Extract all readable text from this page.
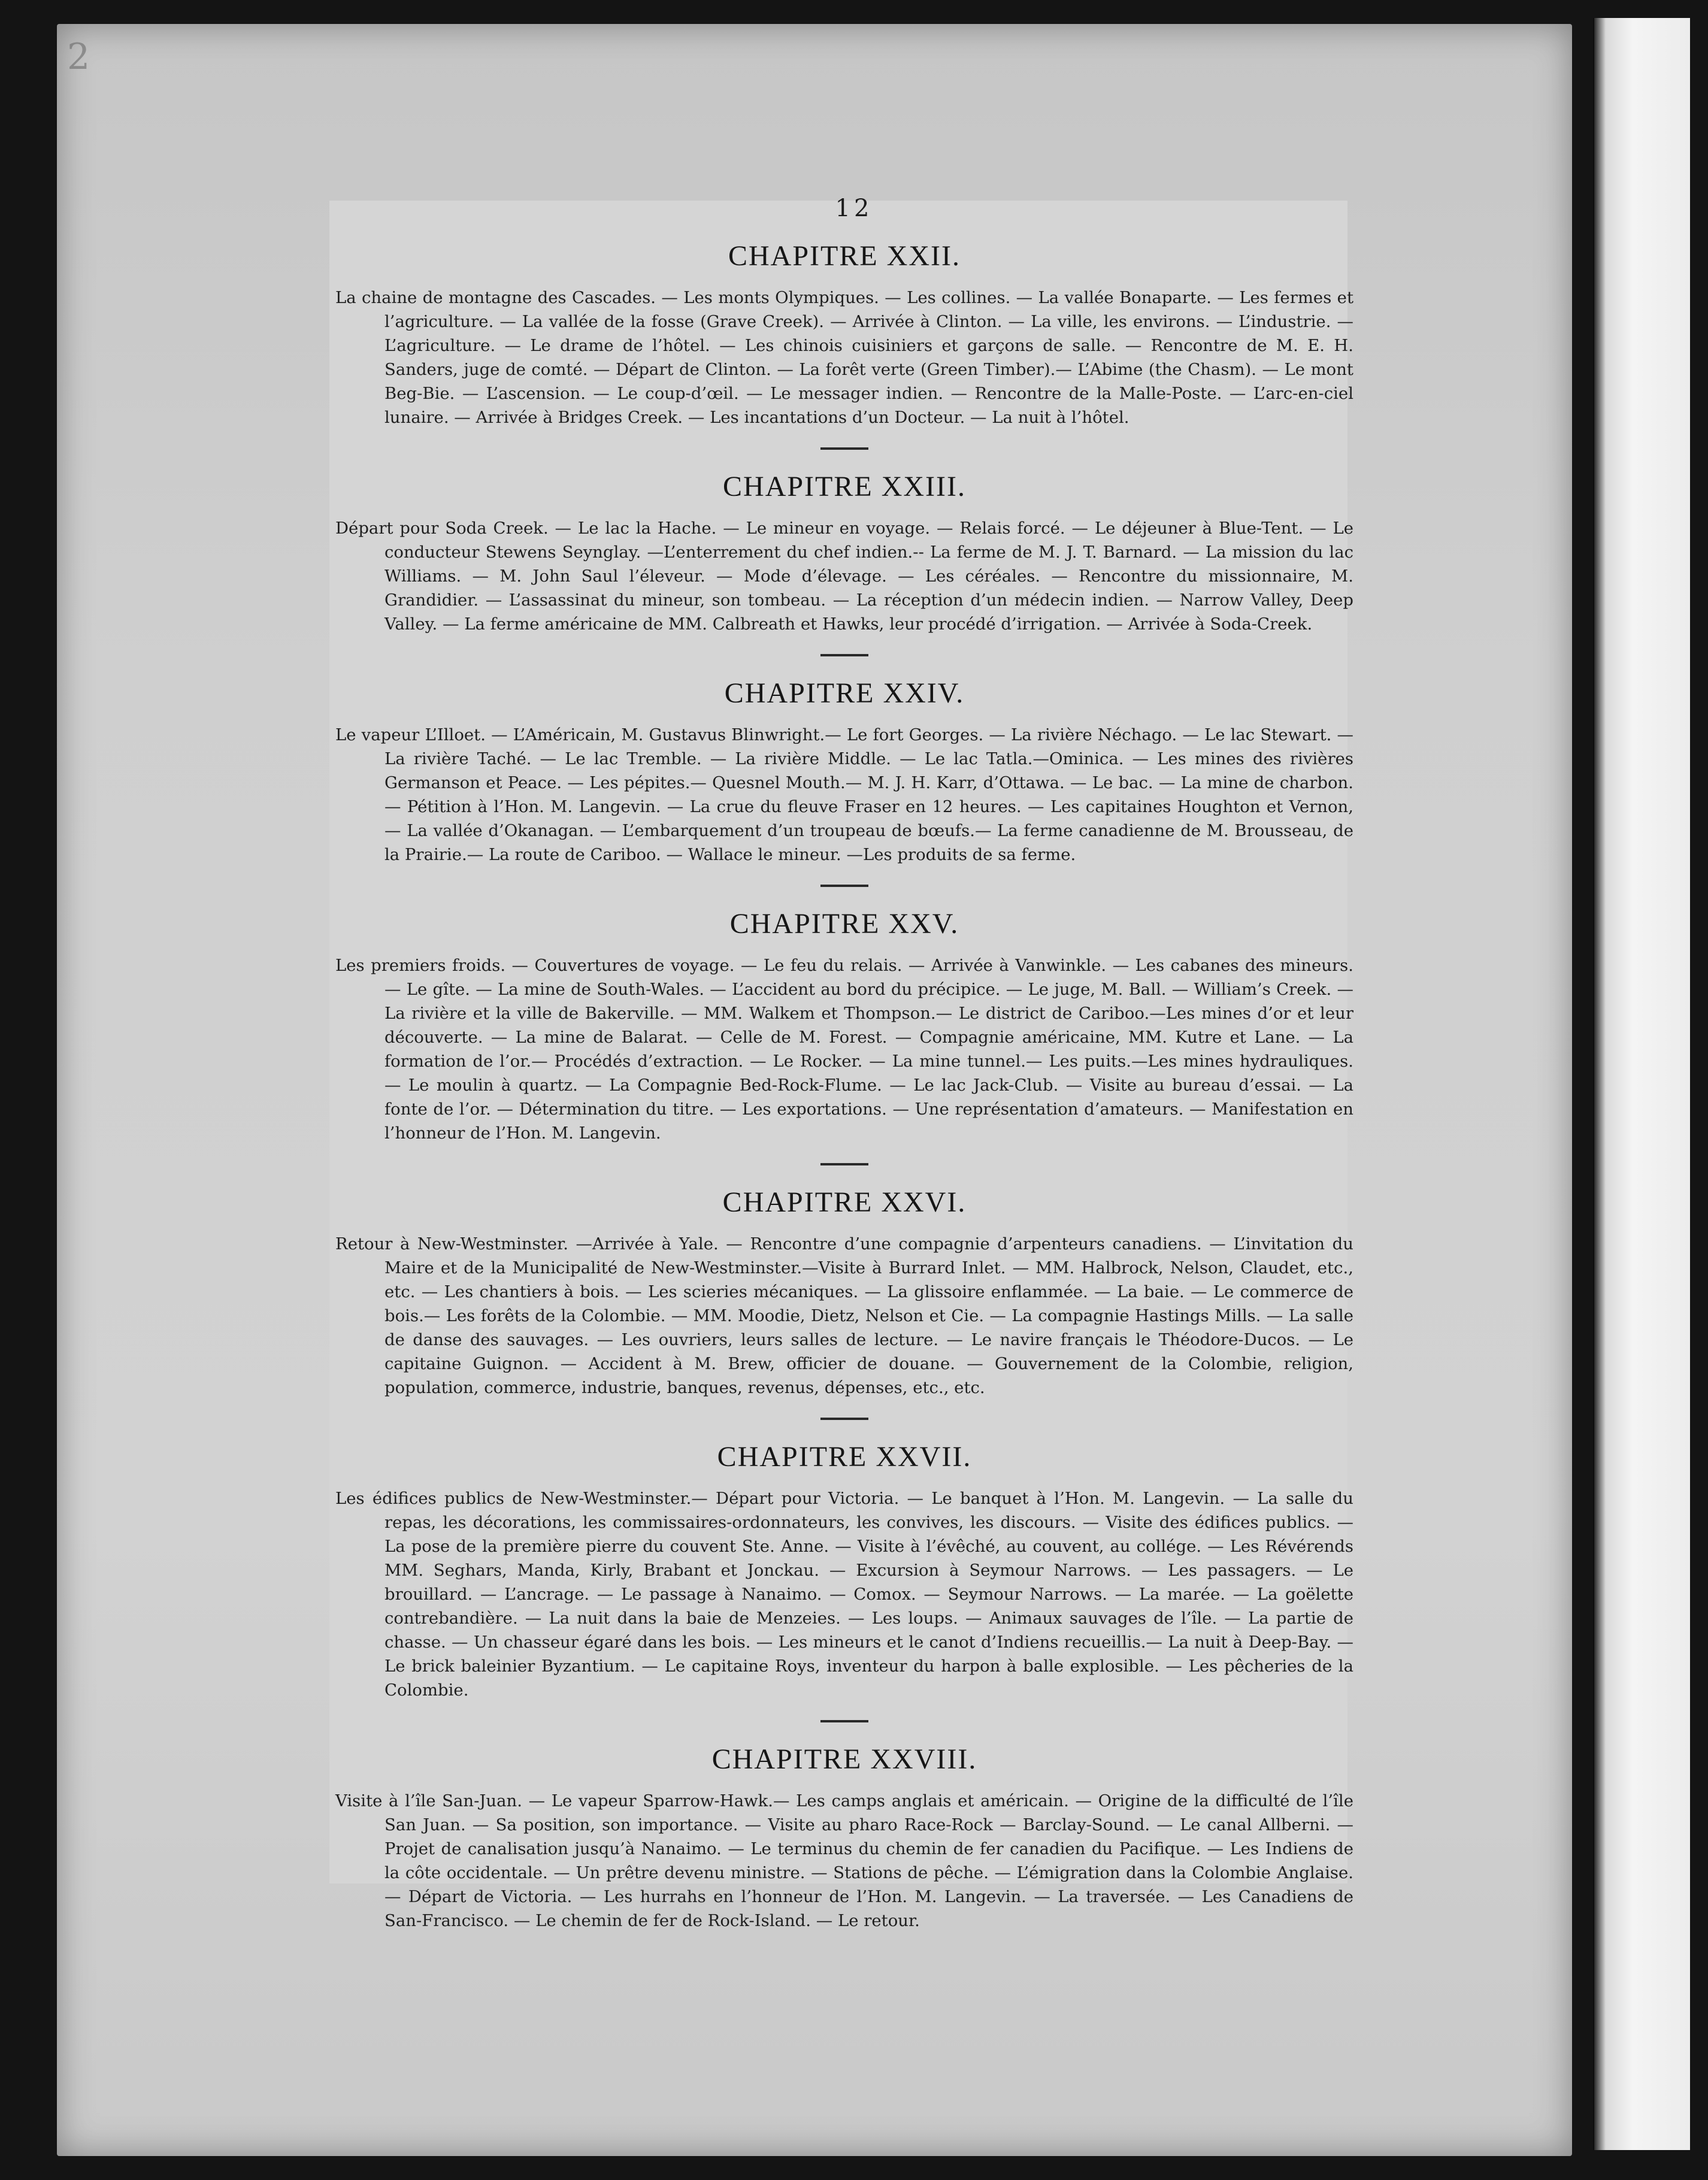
2
12
CHAPITRE XXII.

La chaine de montagne des Cascades. — Les monts Olympiques. — Les collines. — La vallée Bonaparte. — Les fermes et l’agriculture. — La vallée de la fosse (Grave Creek). — Arrivée à Clinton. — La ville, les environs. — L’industrie. — L’agriculture. — Le drame de l’hôtel. — Les chinois cuisiniers et garçons de salle. — Rencontre de M. E. H. Sanders, juge de comté. — Départ de Clinton. — La forêt verte (Green Timber).— L’Abime (the Chasm). — Le mont Beg-Bie. — L’ascension. — Le coup-d’œil. — Le messager indien. — Rencontre de la Malle-Poste. — L’arc-en-ciel lunaire. — Arrivée à Bridges Creek. — Les incantations d’un Docteur. — La nuit à l’hôtel.

CHAPITRE XXIII.

Départ pour Soda Creek. — Le lac la Hache. — Le mineur en voyage. — Relais forcé. — Le déjeuner à Blue-Tent. — Le conducteur Stewens Seynglay. —L’enterrement du chef indien.-- La ferme de M. J. T. Barnard. — La mission du lac Williams. — M. John Saul l’éleveur. — Mode d’élevage. — Les céréales. — Rencontre du missionnaire, M. Grandidier. — L’assassinat du mineur, son tombeau. — La réception d’un médecin indien. — Narrow Valley, Deep Valley. — La ferme américaine de MM. Calbreath et Hawks, leur procédé d’irrigation. — Arrivée à Soda-Creek.

CHAPITRE XXIV.

Le vapeur L’Illoet. — L’Américain, M. Gustavus Blinwright.— Le fort Georges. — La rivière Néchago. — Le lac Stewart. — La rivière Taché. — Le lac Tremble. — La rivière Middle. — Le lac Tatla.—Ominica. — Les mines des rivières Germanson et Peace. — Les pépites.— Quesnel Mouth.— M. J. H. Karr, d’Ottawa. — Le bac. — La mine de charbon. — Pétition à l’Hon. M. Langevin. — La crue du fleuve Fraser en 12 heures. — Les capitaines Houghton et Vernon, — La vallée d’Okanagan. — L’embarquement d’un troupeau de bœufs.— La ferme canadienne de M. Brousseau, de la Prairie.— La route de Cariboo. — Wallace le mineur. —Les produits de sa ferme.

CHAPITRE XXV.

Les premiers froids. — Couvertures de voyage. — Le feu du relais. — Arrivée à Vanwinkle. — Les cabanes des mineurs. — Le gîte. — La mine de South-Wales. — L’accident au bord du précipice. — Le juge, M. Ball. — William’s Creek. — La rivière et la ville de Bakerville. — MM. Walkem et Thompson.— Le district de Cariboo.—Les mines d’or et leur découverte. — La mine de Balarat. — Celle de M. Forest. — Compagnie américaine, MM. Kutre et Lane. — La formation de l’or.— Procédés d’extraction. — Le Rocker. — La mine tunnel.— Les puits.—Les mines hydrauliques. — Le moulin à quartz. — La Compagnie Bed-Rock-Flume. — Le lac Jack-Club. — Visite au bureau d’essai. — La fonte de l’or. — Détermination du titre. — Les exportations. — Une représentation d’amateurs. — Manifestation en l’honneur de l’Hon. M. Langevin.

CHAPITRE XXVI.

Retour à New-Westminster. —Arrivée à Yale. — Rencontre d’une compagnie d’arpenteurs canadiens. — L’invitation du Maire et de la Municipalité de New-Westminster.—Visite à Burrard Inlet. — MM. Halbrock, Nelson, Claudet, etc., etc. — Les chantiers à bois. — Les scieries mécaniques. — La glissoire enflammée. — La baie. — Le commerce de bois.— Les forêts de la Colombie. — MM. Moodie, Dietz, Nelson et Cie. — La compagnie Hastings Mills. — La salle de danse des sauvages. — Les ouvriers, leurs salles de lecture. — Le navire français le Théodore-Ducos. — Le capitaine Guignon. — Accident à M. Brew, officier de douane. — Gouvernement de la Colombie, religion, population, commerce, industrie, banques, revenus, dépenses, etc., etc.

CHAPITRE XXVII.

Les édifices publics de New-Westminster.— Départ pour Victoria. — Le banquet à l’Hon. M. Langevin. — La salle du repas, les décorations, les commissaires-ordonnateurs, les convives, les discours. — Visite des édifices publics. — La pose de la première pierre du couvent Ste. Anne. — Visite à l’évêché, au couvent, au collége. — Les Révérends MM. Seghars, Manda, Kirly, Brabant et Jonckau. — Excursion à Seymour Narrows. — Les passagers. — Le brouillard. — L’ancrage. — Le passage à Nanaimo. — Comox. — Seymour Narrows. — La marée. — La goëlette contrebandière. — La nuit dans la baie de Menzeies. — Les loups. — Animaux sauvages de l’île. — La partie de chasse. — Un chasseur égaré dans les bois. — Les mineurs et le canot d’Indiens recueillis.— La nuit à Deep-Bay. — Le brick baleinier Byzantium. — Le capitaine Roys, inventeur du harpon à balle explosible. — Les pêcheries de la Colombie.

CHAPITRE XXVIII.

Visite à l’île San-Juan. — Le vapeur Sparrow-Hawk.— Les camps anglais et américain. — Origine de la difficulté de l’île San Juan. — Sa position, son importance. — Visite au pharo Race-Rock — Barclay-Sound. — Le canal Allberni. — Projet de canalisation jusqu’à Nanaimo. — Le terminus du chemin de fer canadien du Pacifique. — Les Indiens de la côte occidentale. — Un prêtre devenu ministre. — Stations de pêche. — L’émigration dans la Colombie Anglaise. — Départ de Victoria. — Les hurrahs en l’honneur de l’Hon. M. Langevin. — La traversée. — Les Canadiens de San-Francisco. — Le chemin de fer de Rock-Island. — Le retour.
